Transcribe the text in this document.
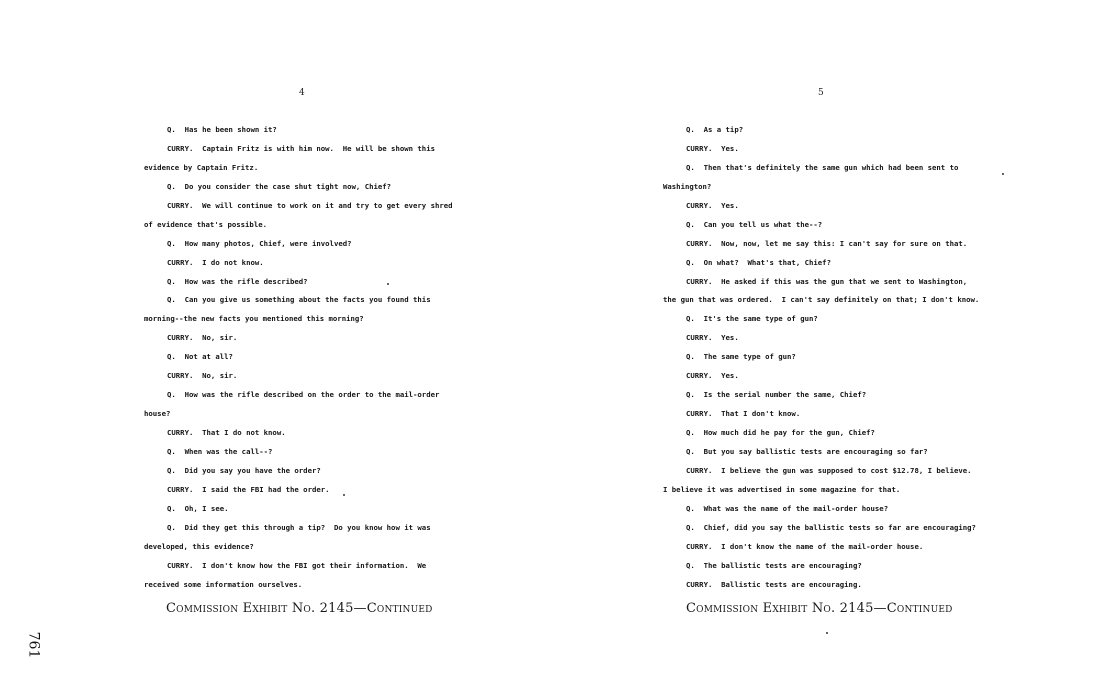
4
Q.  Has he been shown it?
CURRY.  Captain Fritz is with him now.  He will be shown this
evidence by Captain Fritz.
Q.  Do you consider the case shut tight now, Chief?
CURRY.  We will continue to work on it and try to get every shred
of evidence that's possible.
Q.  How many photos, Chief, were involved?
CURRY.  I do not know.
Q.  How was the rifle described?
Q.  Can you give us something about the facts you found this
morning--the new facts you mentioned this morning?
CURRY.  No, sir.
Q.  Not at all?
CURRY.  No, sir.
Q.  How was the rifle described on the order to the mail-order
house?
CURRY.  That I do not know.
Q.  When was the call--?
Q.  Did you say you have the order?
CURRY.  I said the FBI had the order.
Q.  Oh, I see.
Q.  Did they get this through a tip?  Do you know how it was
developed, this evidence?
CURRY.  I don't know how the FBI got their information.  We
received some information ourselves.
Commission Exhibit No. 2145—Continued
5
Q.  As a tip?
CURRY.  Yes.
Q.  Then that's definitely the same gun which had been sent to
Washington?
CURRY.  Yes.
Q.  Can you tell us what the--?
CURRY.  Now, now, let me say this: I can't say for sure on that.
Q.  On what?  What's that, Chief?
CURRY.  He asked if this was the gun that we sent to Washington,
the gun that was ordered.  I can't say definitely on that; I don't know.
Q.  It's the same type of gun?
CURRY.  Yes.
Q.  The same type of gun?
CURRY.  Yes.
Q.  Is the serial number the same, Chief?
CURRY.  That I don't know.
Q.  How much did he pay for the gun, Chief?
Q.  But you say ballistic tests are encouraging so far?
CURRY.  I believe the gun was supposed to cost $12.78, I believe.
I believe it was advertised in some magazine for that.
Q.  What was the name of the mail-order house?
Q.  Chief, did you say the ballistic tests so far are encouraging?
CURRY.  I don't know the name of the mail-order house.
Q.  The ballistic tests are encouraging?
CURRY.  Ballistic tests are encouraging.
Commission Exhibit No. 2145—Continued
761
